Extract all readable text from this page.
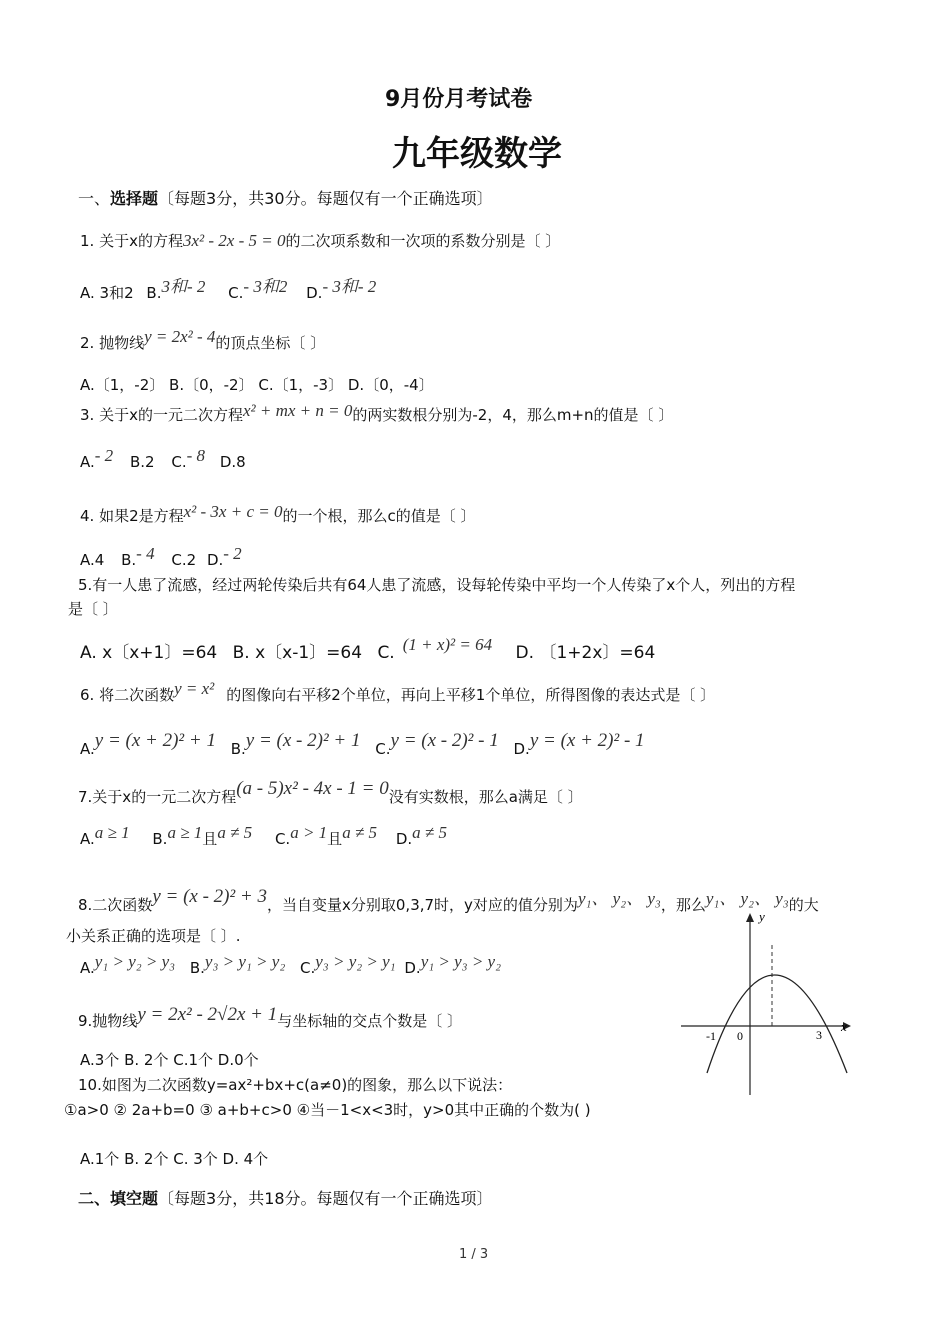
9月份月考试卷
九年级数学
一、选择题〔每题3分，共30分。每题仅有一个正确选项〕
1. 关于x的方程3x² - 2x - 5 = 0的二次项系数和一次项的系数分别是〔 〕
A. 3和2 B.3和- 2 C.- 3和2 D.- 3和- 2
2. 抛物线y = 2x² - 4的顶点坐标〔 〕
A.〔1，-2〕 B.〔0，-2〕 C.〔1，-3〕 D.〔0，-4〕
3. 关于x的一元二次方程x² + mx + n = 0的两实数根分别为-2，4，那么m+n的值是〔 〕
A.- 2 B.2 C.- 8 D.8
4. 如果2是方程x² - 3x + c = 0的一个根，那么c的值是〔 〕
A.4 B.- 4 C.2 D.- 2
5.有一人患了流感，经过两轮传染后共有64人患了流感，设每轮传染中平均一个人传染了x个人，列出的方程
是〔 〕
A. x〔x+1〕=64 B. x〔x-1〕=64 C. (1 + x)² = 64 D. 〔1+2x〕=64
6. 将二次函数y = x² 的图像向右平移2个单位，再向上平移1个单位，所得图像的表达式是〔 〕
A.y = (x + 2)² + 1 B.y = (x - 2)² + 1 C.y = (x - 2)² - 1 D.y = (x + 2)² - 1
7.关于x的一元二次方程(a - 5)x² - 4x - 1 = 0没有实数根，那么a满足〔 〕
A.a ≥ 1 B.a ≥ 1且a ≠ 5 C.a > 1且a ≠ 5 D.a ≠ 5
8.二次函数y = (x - 2)² + 3，当自变量x分别取0,3,7时，y对应的值分别为y₁、 y₂、 y₃，那么y₁、 y₂、 y₃的大
小关系正确的选项是〔 〕.
A.y₁ > y₂ > y₃ B.y₃ > y₁ > y₂ C.y₃ > y₂ > y₁ D.y₁ > y₃ > y₂
9.抛物线y = 2x² - 2√2x + 1与坐标轴的交点个数是〔 〕
A.3个 B. 2个 C.1个 D.0个
10.如图为二次函数y=ax²+bx+c(a≠0)的图象，那么以下说法：
①a>0 ② 2a+b=0 ③ a+b+c>0 ④当－1<x<3时，y>0其中正确的个数为( )
A.1个 B. 2个 C. 3个 D. 4个
y
x
-1 0	3
二、填空题〔每题3分，共18分。每题仅有一个正确选项〕
1 / 3
